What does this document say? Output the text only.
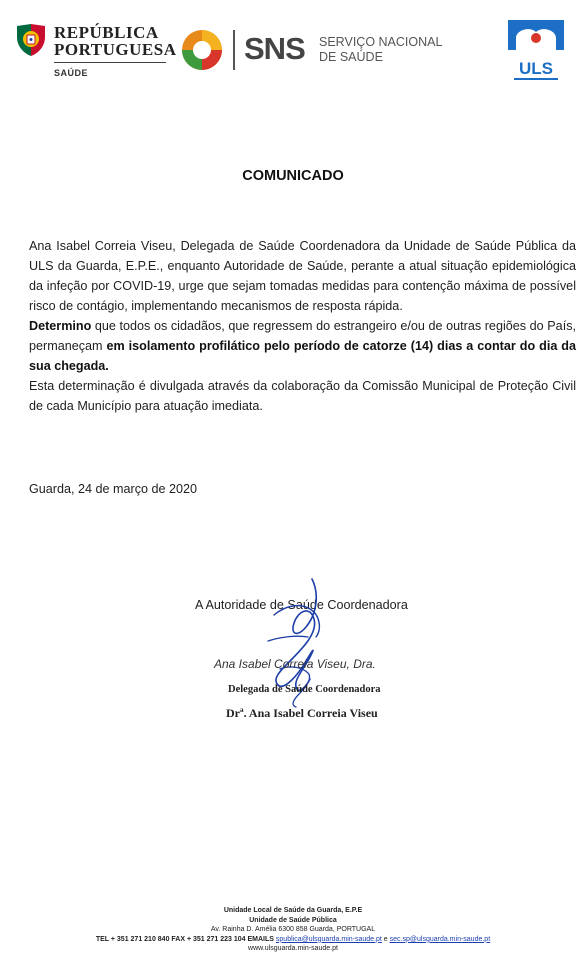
REPÚBLICA
PORTUGUESA
SAÚDE
SNS SERVIÇO NACIONAL
DE SAÚDE
ULS
COMUNICADO

Ana Isabel Correia Viseu, Delegada de Saúde Coordenadora da Unidade de Saúde Pública da ULS da Guarda, E.P.E., enquanto Autoridade de Saúde, perante a atual situação epidemiológica da infeção por COVID-19, urge que sejam tomadas medidas para contenção máxima de possível risco de contágio, implementando mecanismos de resposta rápida.

Determino que todos os cidadãos, que regressem do estrangeiro e/ou de outras regiões do País, permaneçam em isolamento profilático pelo período de catorze (14) dias a contar do dia da sua chegada.

Esta determinação é divulgada através da colaboração da Comissão Municipal de Proteção Civil de cada Município para atuação imediata.

Guarda, 24 de março de 2020
A Autoridade de Saúde Coordenadora
Ana Isabel Correia Viseu, Dra.
Delegada de Saúde Coordenadora
Drª. Ana Isabel Correia Viseu
Unidade Local de Saúde da Guarda, E.P.E
Unidade de Saúde Pública
Av. Rainha D. Amélia 6300 858 Guarda, PORTUGAL
TEL + 351 271 210 840 FAX + 351 271 223 104 EMAILS spublica@ulsguarda.min-saude.pt e sec.sp@ulsguarda.min-saude.pt
www.ulsguarda.min-saude.pt
